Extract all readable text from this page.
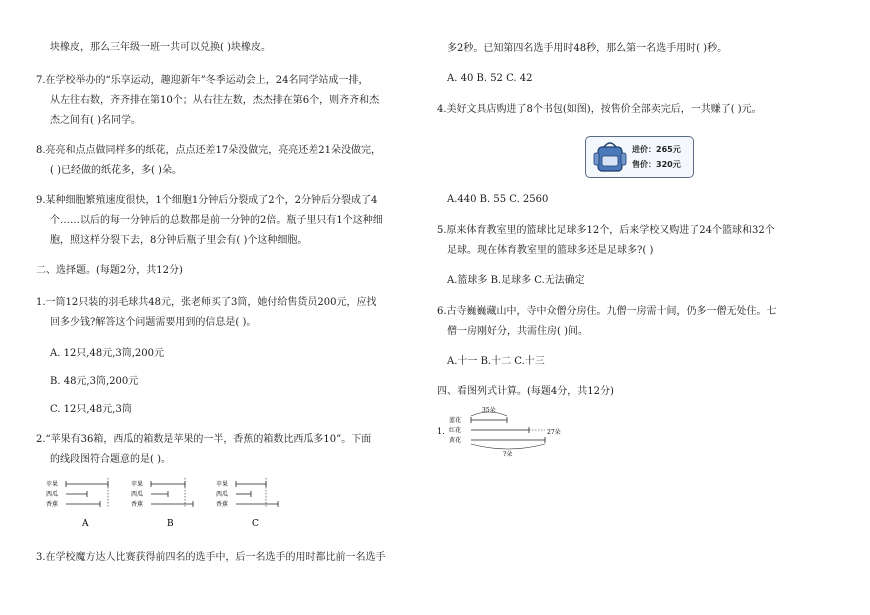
苹果
西瓜
香蕉
A
苹果
西瓜
香蕉
B
苹果
西瓜
香蕉
C
块橡皮，那么三年级一班一共可以兑换( )块橡皮。
7.在学校举办的“乐享运动，趣迎新年”冬季运动会上，24名同学站成一排，
从左往右数，齐齐排在第10个；从右往左数，杰杰排在第6个，则齐齐和杰
杰之间有( )名同学。
8.亮亮和点点做同样多的纸花，点点还差17朵没做完，亮亮还差21朵没做完，
( )已经做的纸花多，多( )朵。
9.某种细胞繁殖速度很快，1个细胞1分钟后分裂成了2个，2分钟后分裂成了4
个……以后的每一分钟后的总数都是前一分钟的2倍。瓶子里只有1个这种细
胞，照这样分裂下去，8分钟后瓶子里会有( )个这种细胞。
二、选择题。(每题2分，共12分)
1.一筒12只装的羽毛球共48元，张老师买了3筒，她付给售货员200元，应找
回多少钱?解答这个问题需要用到的信息是( )。
A. 12只,48元,3筒,200元
B. 48元,3筒,200元
C. 12只,48元,3筒
2.“苹果有36箱，西瓜的箱数是苹果的一半，香蕉的箱数比西瓜多10”。下面
的线段图符合题意的是( )。
3.在学校魔方达人比赛获得前四名的选手中，后一名选手的用时都比前一名选手
进价：265元
售价：320元
1.
蓝花
红花
黄花
35朵
27朵
?朵
多2秒。已知第四名选手用时48秒，那么第一名选手用时( )秒。
A. 40 B. 52 C. 42
4.美好文具店购进了8个书包(如图)，按售价全部卖完后，一共赚了( )元。
A.440 B. 55 C. 2560
5.原来体育教室里的篮球比足球多12个，后来学校又购进了24个篮球和32个
足球。现在体育教室里的篮球多还是足球多?( )
A.篮球多 B.足球多 C.无法确定
6.古寺巍巍藏山中，寺中众僧分房住。九僧一房需十间，仍多一僧无处住。七
僧一房刚好分，共需住房( )间。
A.十一 B.十二 C.十三
四、看图列式计算。(每题4分，共12分)
